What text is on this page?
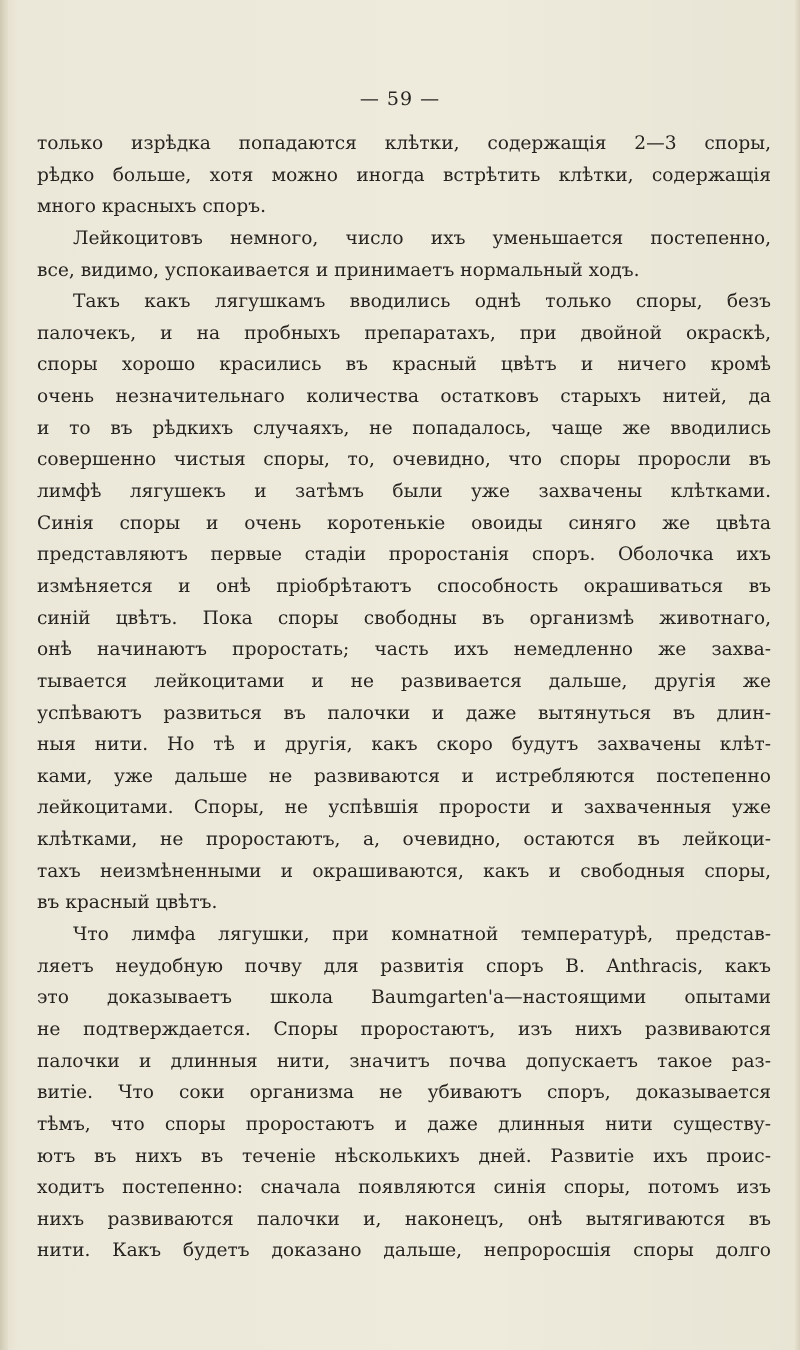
— 59 —
только изрѣдка попадаются клѣтки, содержащія 2—3 споры,
рѣдко больше, хотя можно иногда встрѣтить клѣтки, содержащія
много красныхъ споръ.
Лейкоцитовъ немного, число ихъ уменьшается постепенно,
все, видимо, успокаивается и принимаетъ нормальный ходъ.
Такъ какъ лягушкамъ вводились однѣ только споры, безъ
палочекъ, и на пробныхъ препаратахъ, при двойной окраскѣ,
споры хорошо красились въ красный цвѣтъ и ничего кромѣ
очень незначительнаго количества остатковъ старыхъ нитей, да
и то въ рѣдкихъ случаяхъ, не попадалось, чаще же вводились
совершенно чистыя споры, то, очевидно, что споры проросли въ
лимфѣ лягушекъ и затѣмъ были уже захвачены клѣтками.
Синія споры и очень коротенькіе овоиды синяго же цвѣта
представляютъ первые стадіи проростанія споръ. Оболочка ихъ
измѣняется и онѣ пріобрѣтаютъ способность окрашиваться въ
синій цвѣтъ. Пока споры свободны въ организмѣ животнаго,
онѣ начинаютъ проростать; часть ихъ немедленно же захва-
тывается лейкоцитами и не развивается дальше, другія же
успѣваютъ развиться въ палочки и даже вытянуться въ длин-
ныя нити. Но тѣ и другія, какъ скоро будутъ захвачены клѣт-
ками, уже дальше не развиваются и истребляются постепенно
лейкоцитами. Споры, не успѣвшія прорости и захваченныя уже
клѣтками, не проростаютъ, а, очевидно, остаются въ лейкоци-
тахъ неизмѣненными и окрашиваются, какъ и свободныя споры,
въ красный цвѣтъ.
Что лимфа лягушки, при комнатной температурѣ, представ-
ляетъ неудобную почву для развитія споръ B. Anthracis, какъ
это доказываетъ школа Baumgarten'a—настоящими опытами
не подтверждается. Споры проростаютъ, изъ нихъ развиваются
палочки и длинныя нити, значитъ почва допускаетъ такое раз-
витіе. Что соки организма не убиваютъ споръ, доказывается
тѣмъ, что споры проростаютъ и даже длинныя нити существу-
ютъ въ нихъ въ теченіе нѣсколькихъ дней. Развитіе ихъ проис-
ходитъ постепенно: сначала появляются синія споры, потомъ изъ
нихъ развиваются палочки и, наконецъ, онѣ вытягиваются въ
нити. Какъ будетъ доказано дальше, непроросшія споры долго
